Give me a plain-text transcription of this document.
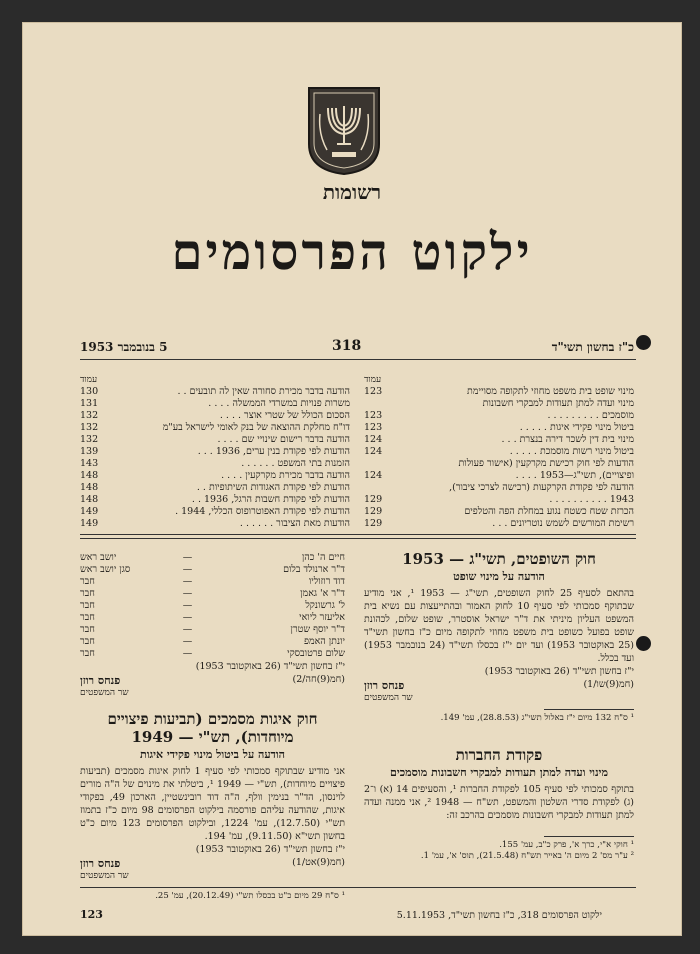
רשומות
ילקוט הפרסומים
כ"ז בחשון תשי"ד
318
5 בנובמבר 1953
עמוד
מינוי שופט בית משפט מחוזי לתקופה מסויימת
123
מינוי ועדה למתן תעודות למבקרי חשבונות
מוסמכים . . . . . . . . .
123
ביטול מינוי פקידי איגות . . . . .
123
מינוי בית דין לשכר דירה בנצרת . . .
124
ביטול מינוי רשות מוסמכת . . . . .
124
הודעות לפי חוק רכישת מקרקעין (אישור פעולות
ופיצויים), תשי"ג—1953 . . . .
124
הודעה לפי פקודת הקרקעות (רכישה לצרכי ציבור),
1943 . . . . . . . . . .
129
הכרזת שטח כשטח נגוע במחלת הפה והטלפים
129
רשימת המורשים לשמש נוטריונים . . .
129
עמוד
הודעה בדבר מכירת סחורה שאין לה תובעים . .
130
משרות פנויות במשרדי הממשלה . . . .
131
הסכום הכולל של שטרי אוצר . . . .
132
דו"ח מחלקת ההוצאה של בנק לאומי לישראל בע"מ
132
הודעה בדבר רישום שינויי שם . . . .
132
הודעות לפי פקודת בנין ערים, 1936 . . .
139
הזמנות בתי המשפט . . . . . .
143
הודעה בדבר מכירת מקרקעין . . . .
148
הודעות לפי פקודת האגודות השיתופיות . .
148
הודעות לפי פקודת חשבות הרגל, 1936 . .
148
הודעות לפי פקודת האפוטרופוס הכללי, 1944 .
149
הודעות מאת הציבור . . . . . .
149
חוק השופטים, תשי"ג — 1953
הודעה על מינוי שופט
בהתאם לסעיף 25 לחוק השופטים, תשי"ג — 1953 ¹, אני מודיע שבתוקף סמכותי לפי סעיף 10 לחוק האמור ובהתייעצות עם נשיא בית המשפט העליון מיניתי את ד"ר ישראל אוסטרר, שופט שלום, לכהונת שופט בפועל כשופט בית משפט מחוזי לתקופה מיום כ"ז בחשון תשי"ד (25 באוקטובר 1953) ועד יום י"ז בכסלו תשי"ד (24 בנובמבר 1953) ועד בכלל.
י"ז בחשון תשי"ד (26 באוקטובר 1953)
(חמ(9)שו/1)
פנחס רוזן
שר המשפטים
¹ ס"ח 132 מיום י"ז באלול תשי"ג (28.8.53), עמ' 149.
פקודת החברות
מינוי ועדה למתן תעודות למבקרי חשבונות מוסמכים
בתוקף סמכותי לפי סעיף 105 לפקודת החברות ¹, והסעיפים 14 (א) ו־2 (ג) לפקודת סדרי השלטון והמשפט, תש"ח — 1948 ², אני ממנה ועדה למתן תעודות למבקרי חשבונות מוסמכים בהרכב זה:
¹ חוקי א"י, כרך א', פרק כ"ב, עמ' 155.
² ע"ר מס' 2 מיום ה' באייר תש"ח (21.5.48), תוס' א', עמ' 1.
חיים ה' כהן
—
יושב ראש
ד"ר ארנולד בלום
—
סגן יושב ראש
דוד רוזוליו
—
חבר
ד"ר א' גאמן
—
חבר
ל' גרשונקל
—
חבר
אליעזר ליואי
—
חבר
ד"ר יוסף שטרן
—
חבר
יונתן האמפ
—
חבר
שלום פרטובסקי
—
חבר
י"ז בחשון תשי"ד (26 באוקטובר 1953)
(חמ(9)חה/2)
פנחס רוזן
שר המשפטים
חוק איגות מסמכים (תביעות פיצויים מיוחדות), תש"י — 1949
הודעה על ביטול מינוי פקידי איגות
אני מודיע שבתוקף סמכותי לפי סעיף 1 לחוק איגות מסמכים (תביעות פיצויים מיוחדות), תש"י — 1949 ¹, ביטלתי את מינוים של ה"ה מורים לוינסון, הד"ר בנימין וולף, ה"ה דוד רובינשטיין, הארכון 49, בפקודי איגות, שהודעה עליהם פורסמה בילקוט הפרסומים 98 מיום כ"ז בתמוז תש"י (12.7.50), עמ' 1224, ובילקוט הפרסומים 123 מיום כ"ט בחשון תשי"א (9.11.50), עמ' 194.
י"ז בחשון תשי"ד (26 באוקטובר 1953)
(חמ(9)אט/1)
פנחס רוזן
שר המשפטים
¹ ס"ח 29 מיום כ"ט בכסלו תש"י (20.12.49), עמ' 25.
123	ילקוט הפרסומים 318, כ"ז בחשון תשי"ד, 5.11.1953
